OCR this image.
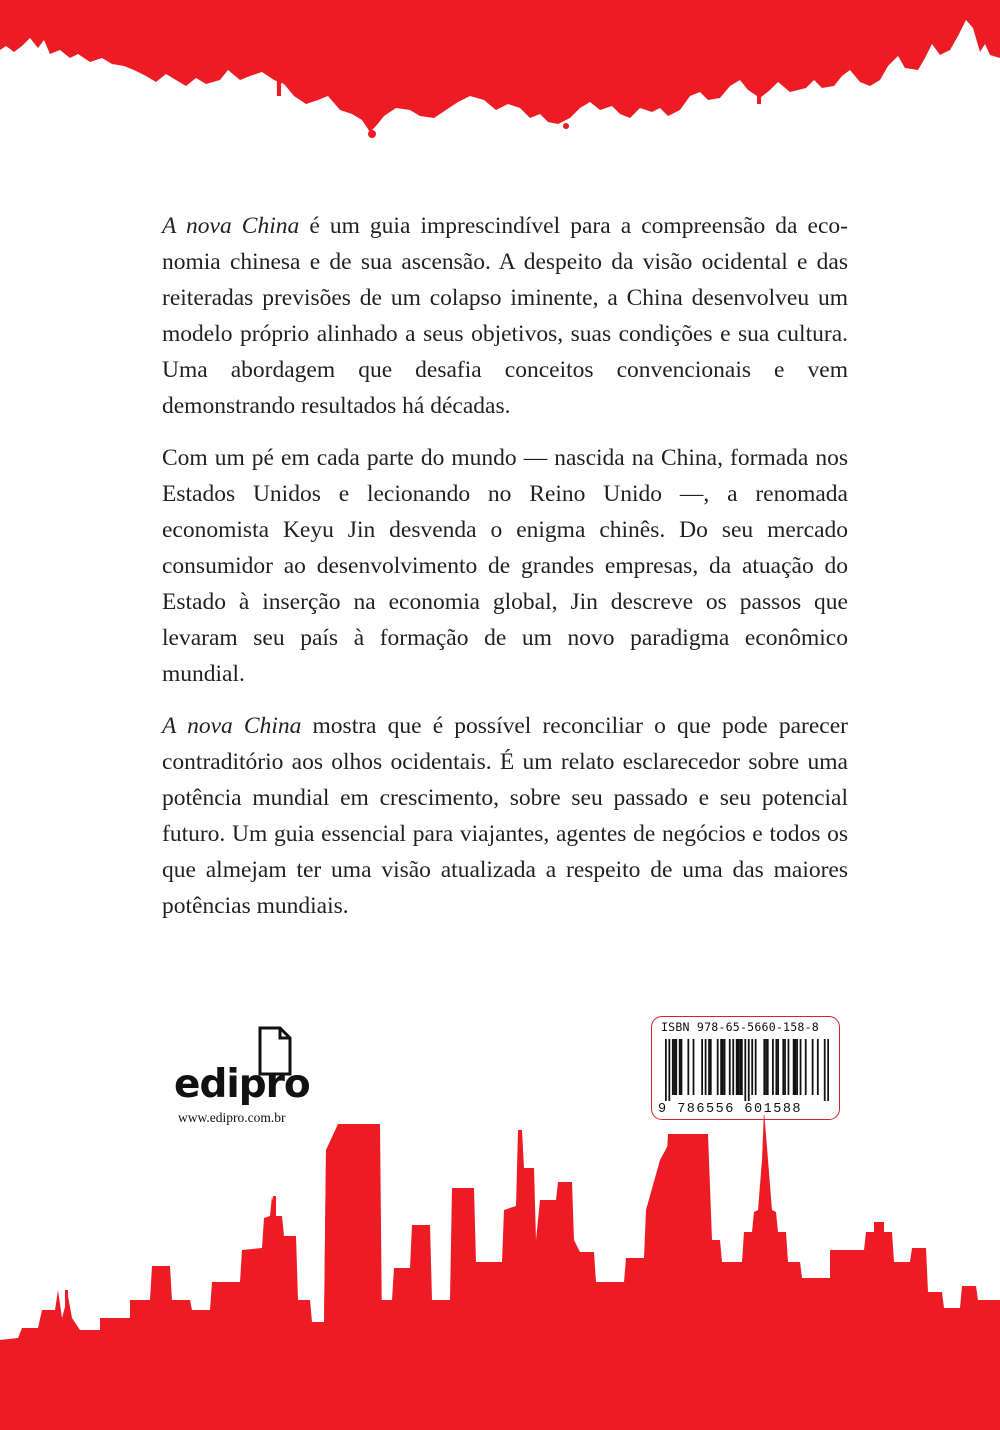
A nova China é um guia imprescindível para a compreensão da economia chinesa e de sua ascensão. A despeito da visão ocidental e das reiteradas previsões de um colapso iminente, a China desenvolveu um modelo próprio alinhado a seus objetivos, suas condições e sua cultura. Uma abordagem que desafia conceitos convencionais e vem demonstrando resultados há décadas.

Com um pé em cada parte do mundo — nascida na China, formada nos Estados Unidos e lecionando no Reino Unido —, a renomada economista Keyu Jin desvenda o enigma chinês. Do seu mercado consumidor ao desenvolvimento de grandes empresas, da atuação do Estado à inserção na economia global, Jin descreve os passos que levaram seu país à formação de um novo paradigma econômico mundial.

A nova China mostra que é possível reconciliar o que pode parecer contraditório aos olhos ocidentais. É um relato esclarecedor sobre uma potência mundial em crescimento, sobre seu passado e seu potencial futuro. Um guia essencial para viajantes, agentes de negócios e todos os que almejam ter uma visão atualizada a respeito de uma das maiores potências mundiais.

edipro
www.edipro.com.br
ISBN 978-65-5660-158-8
9 786556 601588
